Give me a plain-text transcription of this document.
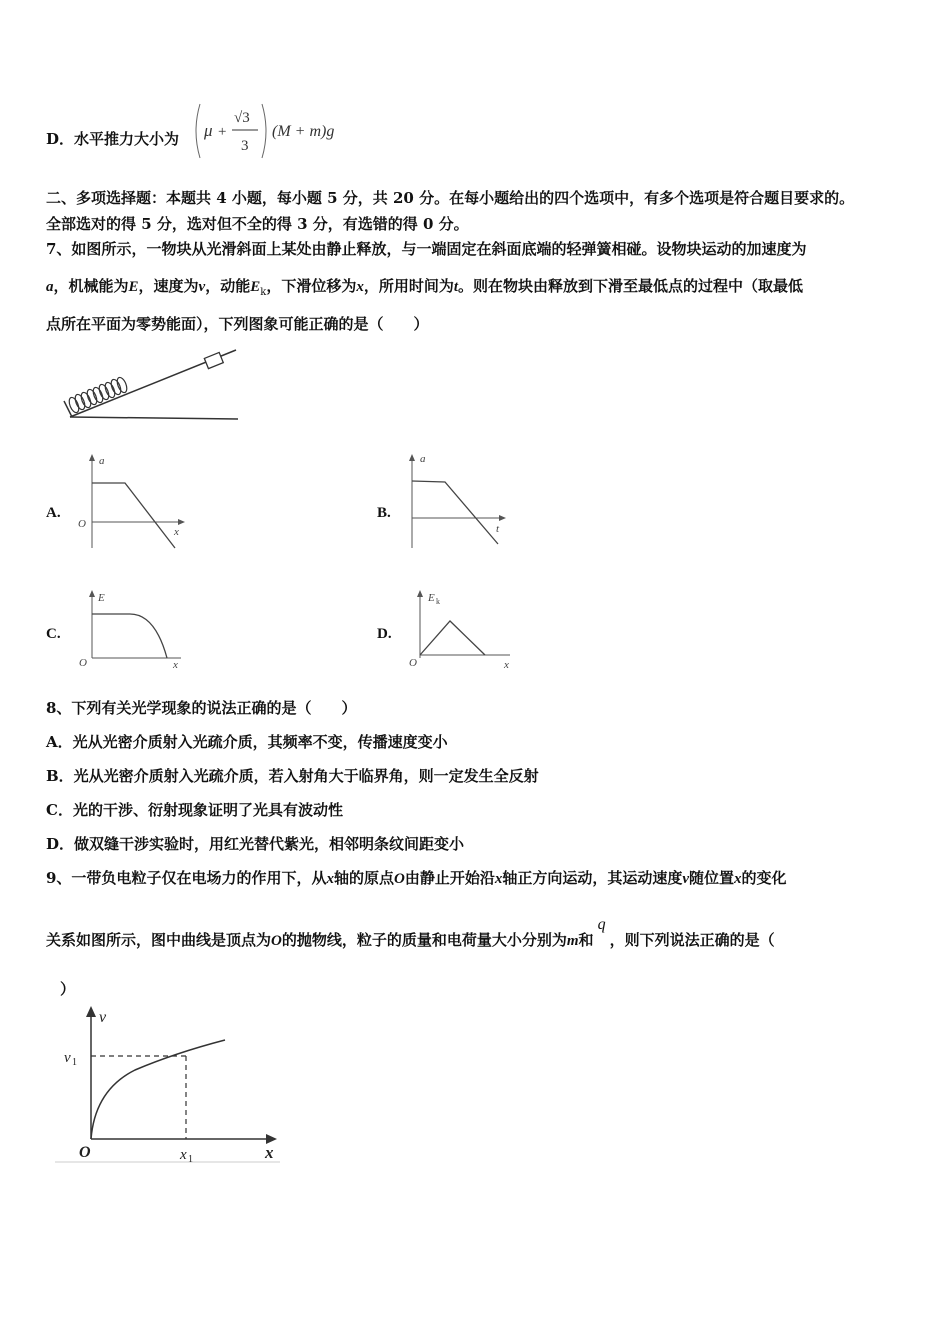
D．水平推力大小为 μ +
√3
3
(M + m)g
二、多项选择题：本题共 4 小题，每小题 5 分，共 20 分。在每小题给出的四个选项中，有多个选项是符合题目要求的。
全部选对的得 5 分，选对但不全的得 3 分，有选错的得 0 分。
7、如图所示，一物块从光滑斜面上某处由静止释放，与一端固定在斜面底端的轻弹簧相碰。设物块运动的加速度为
a，机械能为E，速度为v，动能$E_k$，下滑位移为x，所用时间为t。则在物块由释放到下滑至最低点的过程中（取最低
点所在平面为零势能面），下列图象可能正确的是（　　）
A.
a
O
x
B.
a
t
C.
E
O	x
D.
E k
O	x
8、下列有关光学现象的说法正确的是（　　）
A．光从光密介质射入光疏介质，其频率不变，传播速度变小
B．光从光密介质射入光疏介质，若入射角大于临界角，则一定发生全反射
C．光的干涉、衍射现象证明了光具有波动性
D．做双缝干涉实验时，用红光替代紫光，相邻明条纹间距变小
9、一带负电粒子仅在电场力的作用下，从x轴的原点O由静止开始沿x轴正方向运动，其运动速度v随位置x的变化
关系如图所示，图中曲线是顶点为O的抛物线，粒子的质量和电荷量大小分别为m和q，则下列说法正确的是（
）
v
v 1
O	x 1	x
